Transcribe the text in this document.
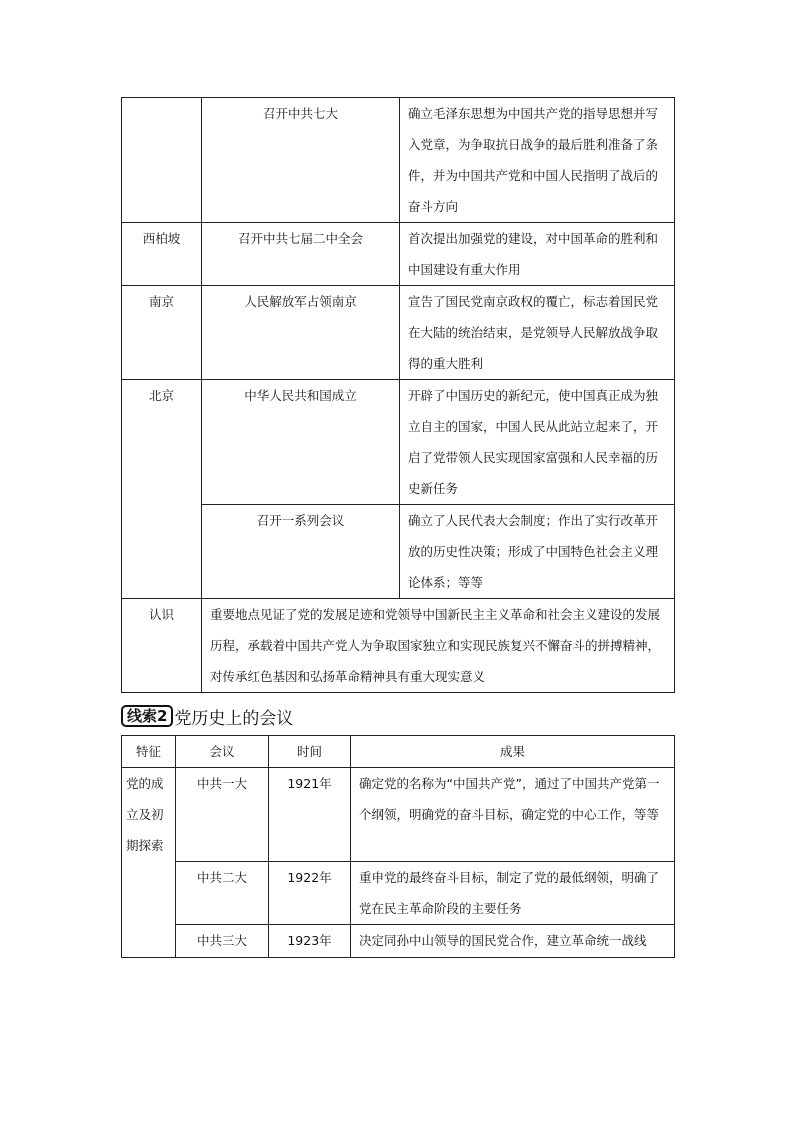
	召开中共七大	确立毛泽东思想为中国共产党的指导思想并写入党章，为争取抗日战争的最后胜利准备了条件，并为中国共产党和中国人民指明了战后的奋斗方向
西柏坡	召开中共七届二中全会	首次提出加强党的建设，对中国革命的胜利和中国建设有重大作用
南京	人民解放军占领南京	宣告了国民党南京政权的覆亡，标志着国民党在大陆的统治结束，是党领导人民解放战争取得的重大胜利
北京	中华人民共和国成立	开辟了中国历史的新纪元，使中国真正成为独立自主的国家，中国人民从此站立起来了，开启了党带领人民实现国家富强和人民幸福的历史新任务
	召开一系列会议	确立了人民代表大会制度；作出了实行改革开放的历史性决策；形成了中国特色社会主义理论体系；等等
认识	重要地点见证了党的发展足迹和党领导中国新民主主义革命和社会主义建设的发展历程，承载着中国共产党人为争取国家独立和实现民族复兴不懈奋斗的拼搏精神，对传承红色基因和弘扬革命精神具有重大现实意义	
线索2 党历史上的会议
特征	会议	时间	成果
党的成立及初期探索	中共一大	1921年	确定党的名称为“中国共产党”，通过了中国共产党第一个纲领，明确党的奋斗目标，确定党的中心工作，等等
	中共二大	1922年	重申党的最终奋斗目标，制定了党的最低纲领，明确了党在民主革命阶段的主要任务
	中共三大	1923年	决定同孙中山领导的国民党合作，建立革命统一战线
